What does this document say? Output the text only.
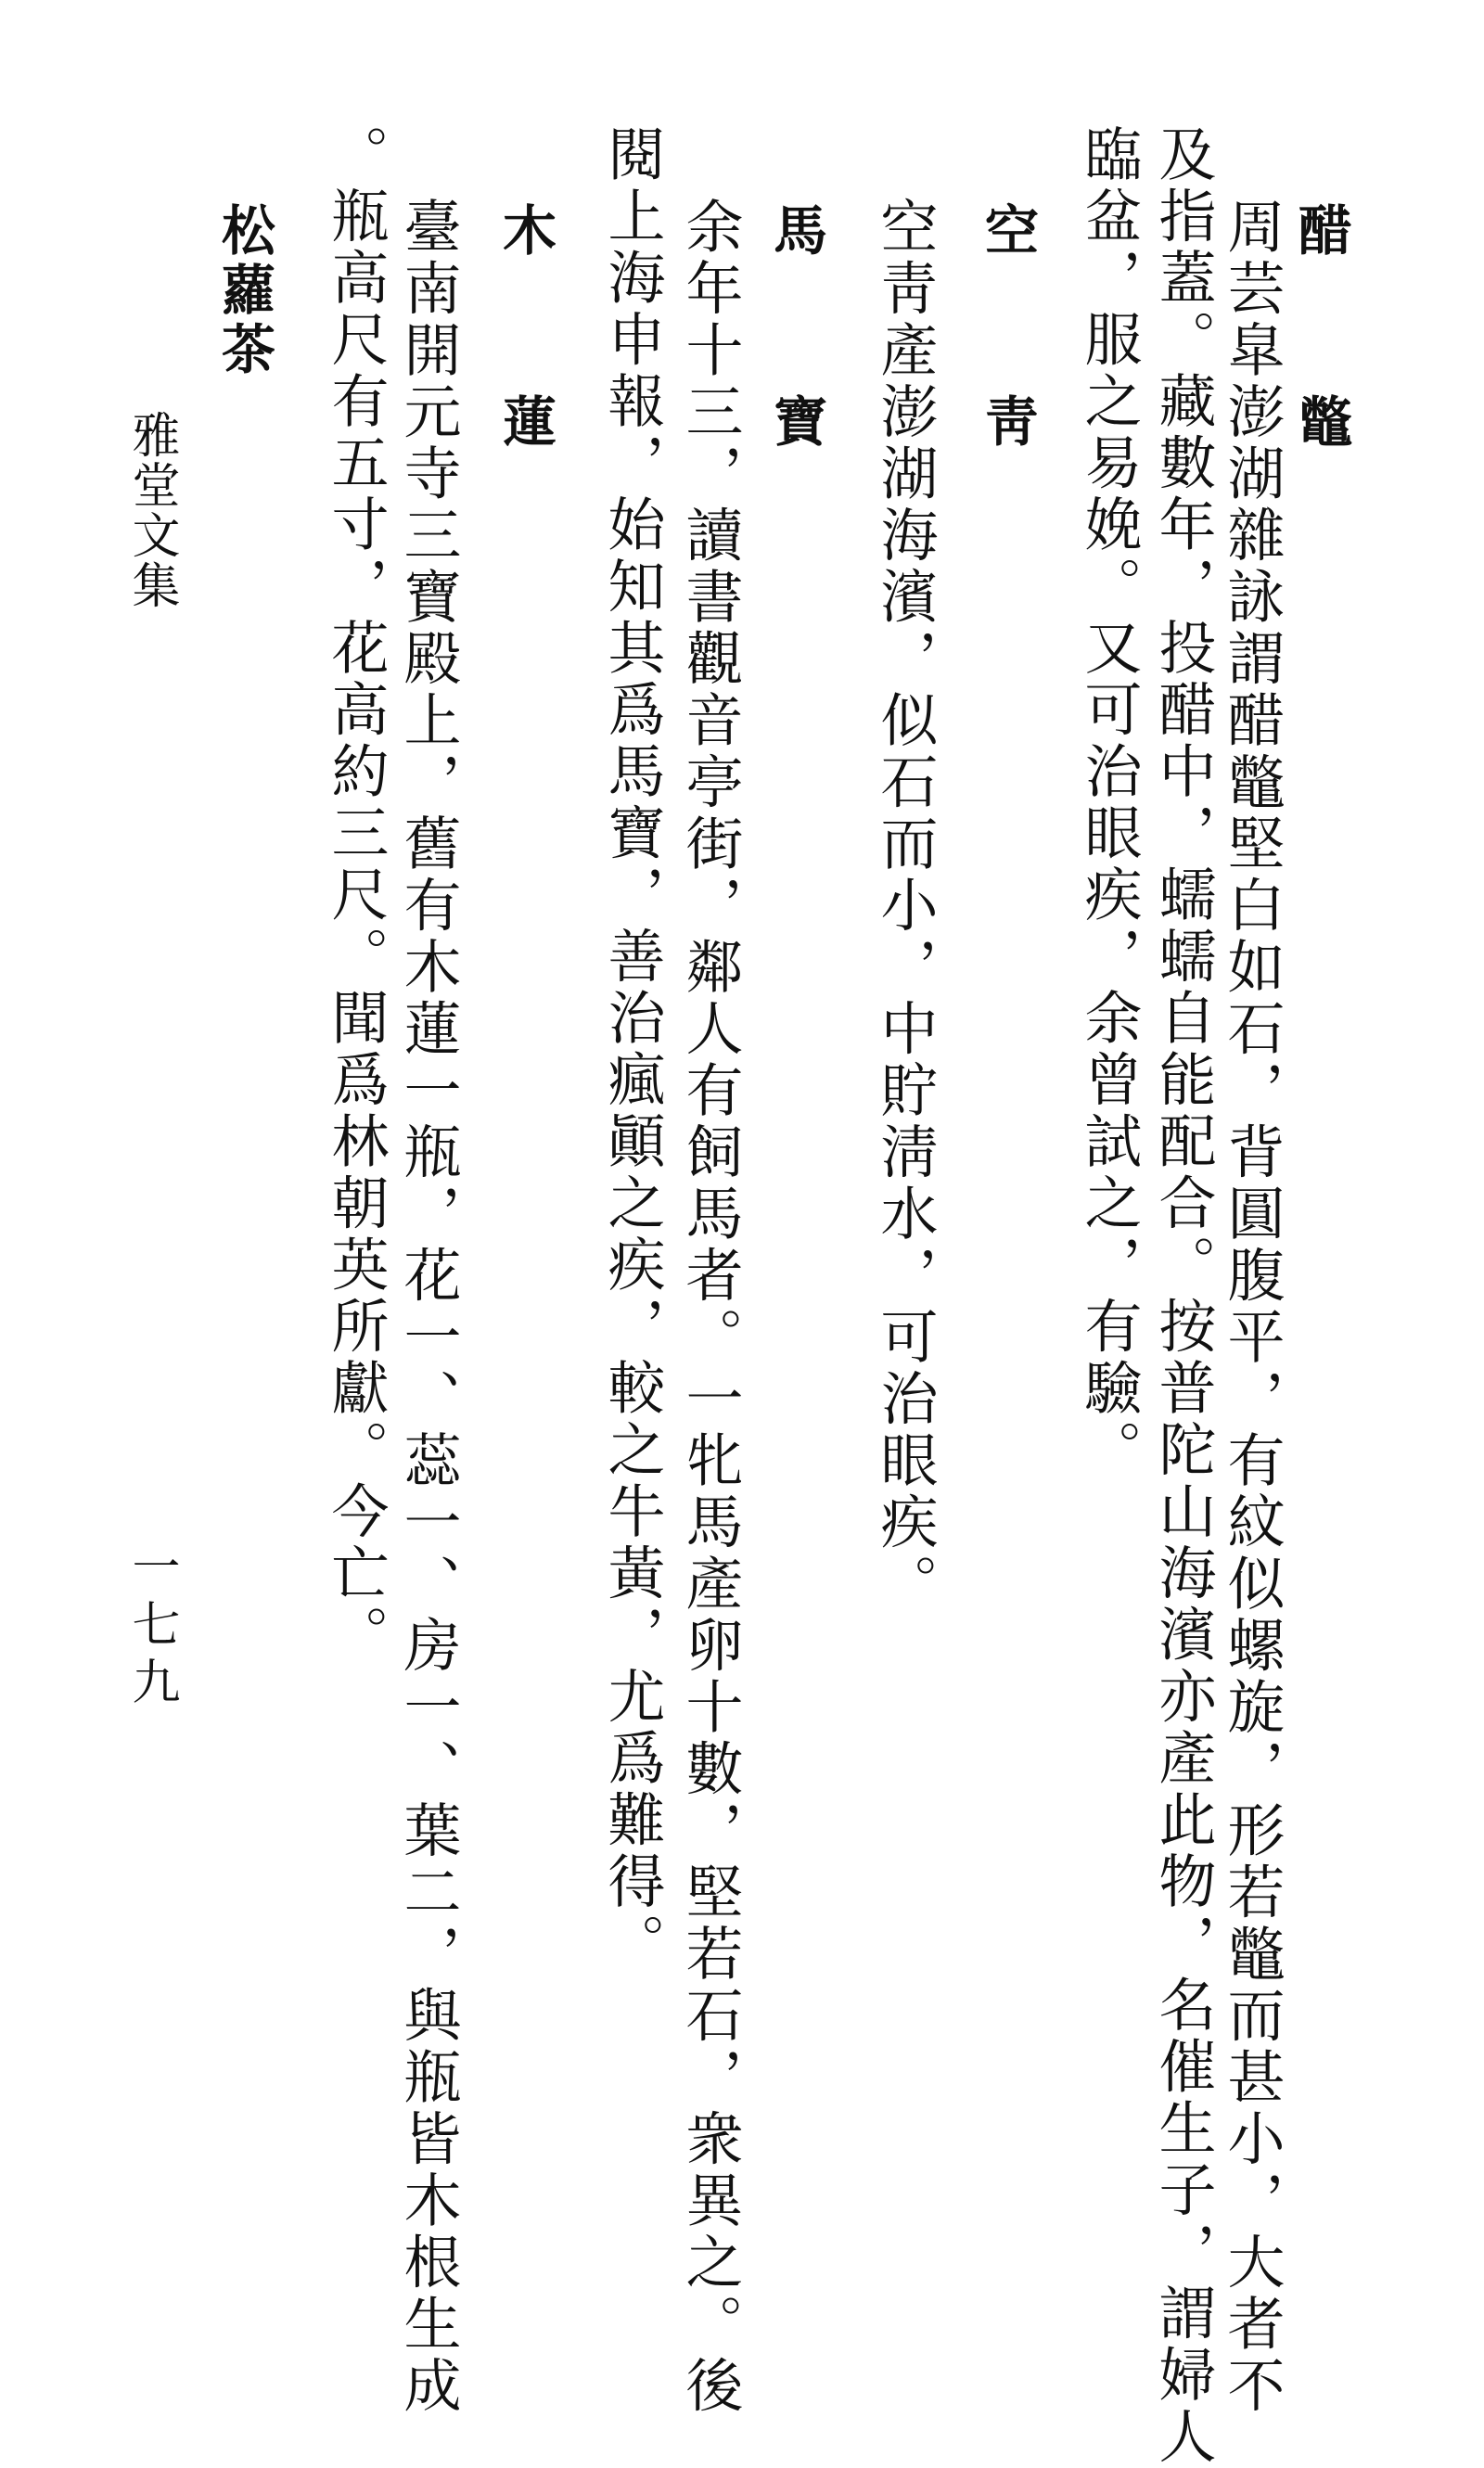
醋 鼈
周芸皐澎湖雜詠謂醋鼈堅白如石，背圓腹平，有紋似螺旋，形若鼈而甚小，大者不
及指蓋。藏數年，投醋中，蠕蠕自能配合。按普陀山海濱亦產此物，名催生子，謂婦人
臨盆，服之易娩。又可治眼疾，余曾試之，有驗。
空 靑
空靑產澎湖海濱，似石而小，中貯淸水，可治眼疾。
馬 寶
余年十三，讀書觀音亭街，鄰人有飼馬者。一牝馬產卵十數，堅若石，衆異之。後
閱上海申報，始知其爲馬寶，善治瘋顚之疾，較之牛黃，尤爲難得。
木 蓮
臺南開元寺三寶殿上，舊有木蓮一瓶，花一、蕊一、房一、葉二，與瓶皆木根生成
。瓶高尺有五寸，花高約三尺。聞爲林朝英所獻。今亡。
松蘿茶
雅堂文集
一七九
